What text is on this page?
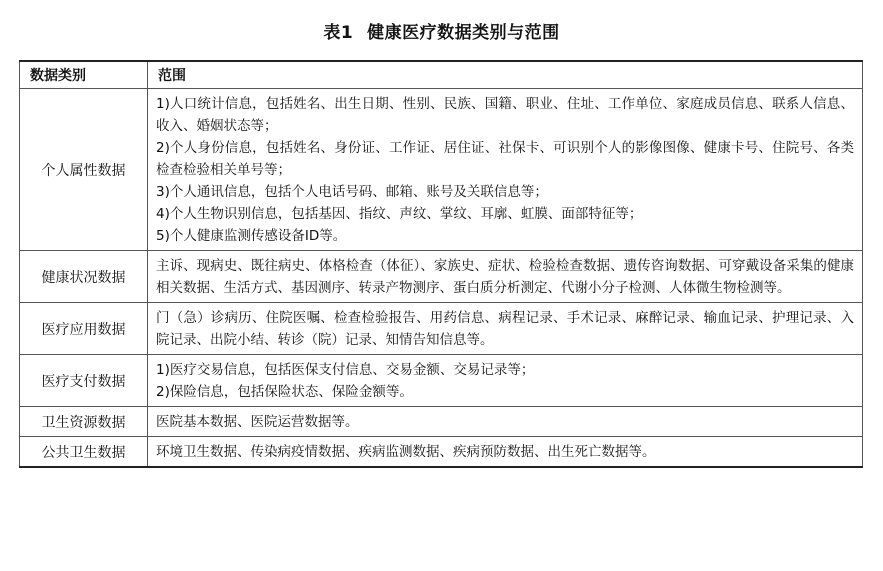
表1 健康医疗数据类别与范围
数据类别	范围
个人属性数据	1)人口统计信息，包括姓名、出生日期、性别、民族、国籍、职业、住址、工作单位、家庭成员信息、联系人信息、收入、婚姻状态等；
2)个人身份信息，包括姓名、身份证、工作证、居住证、社保卡、可识别个人的影像图像、健康卡号、住院号、各类检查检验相关单号等；
3)个人通讯信息，包括个人电话号码、邮箱、账号及关联信息等；
4)个人生物识别信息，包括基因、指纹、声纹、掌纹、耳廓、虹膜、面部特征等；
5)个人健康监测传感设备ID等。

健康状况数据	主诉、现病史、既往病史、体格检查（体征）、家族史、症状、检验检查数据、遗传咨询数据、可穿戴设备采集的健康相关数据、生活方式、基因测序、转录产物测序、蛋白质分析测定、代谢小分子检测、人体微生物检测等。

医疗应用数据	门（急）诊病历、住院医嘱、检查检验报告、用药信息、病程记录、手术记录、麻醉记录、输血记录、护理记录、入院记录、出院小结、转诊（院）记录、知情告知信息等。

医疗支付数据	1)医疗交易信息，包括医保支付信息、交易金额、交易记录等；
2)保险信息，包括保险状态、保险金额等。

卫生资源数据	医院基本数据、医院运营数据等。

公共卫生数据	环境卫生数据、传染病疫情数据、疾病监测数据、疾病预防数据、出生死亡数据等。
